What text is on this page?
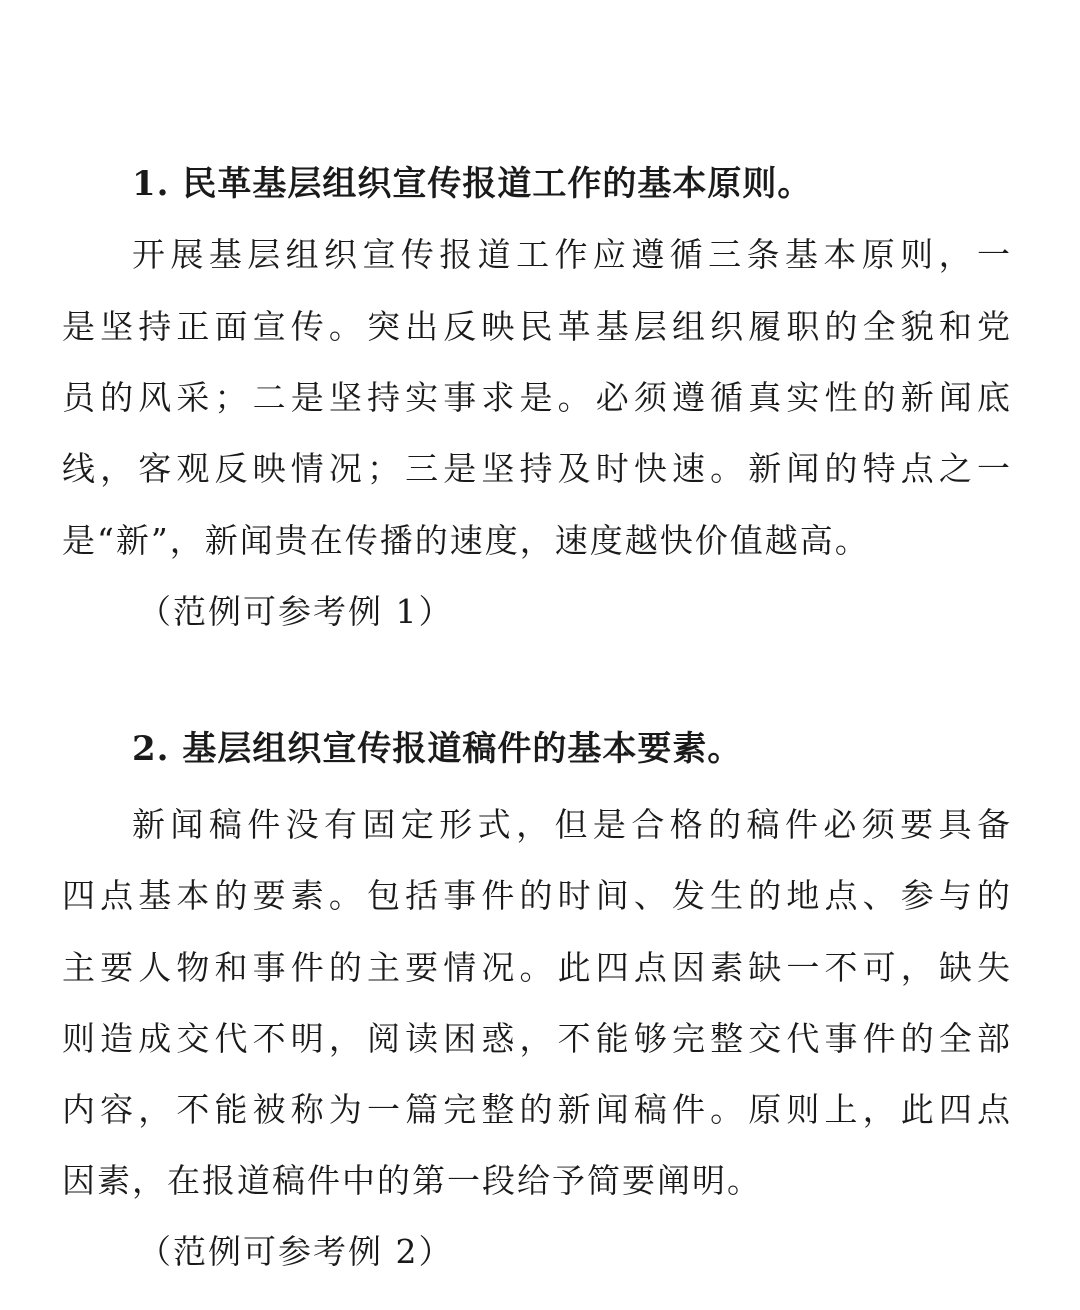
1. 民革基层组织宣传报道工作的基本原则。
开展基层组织宣传报道工作应遵循三条基本原则，一
是坚持正面宣传。突出反映民革基层组织履职的全貌和党
员的风采；二是坚持实事求是。必须遵循真实性的新闻底
线，客观反映情况；三是坚持及时快速。新闻的特点之一
是“新”，新闻贵在传播的速度，速度越快价值越高。
（范例可参考例 1）
2. 基层组织宣传报道稿件的基本要素。
新闻稿件没有固定形式，但是合格的稿件必须要具备
四点基本的要素。包括事件的时间、发生的地点、参与的
主要人物和事件的主要情况。此四点因素缺一不可，缺失
则造成交代不明，阅读困惑，不能够完整交代事件的全部
内容，不能被称为一篇完整的新闻稿件。原则上，此四点
因素，在报道稿件中的第一段给予简要阐明。
（范例可参考例 2）
